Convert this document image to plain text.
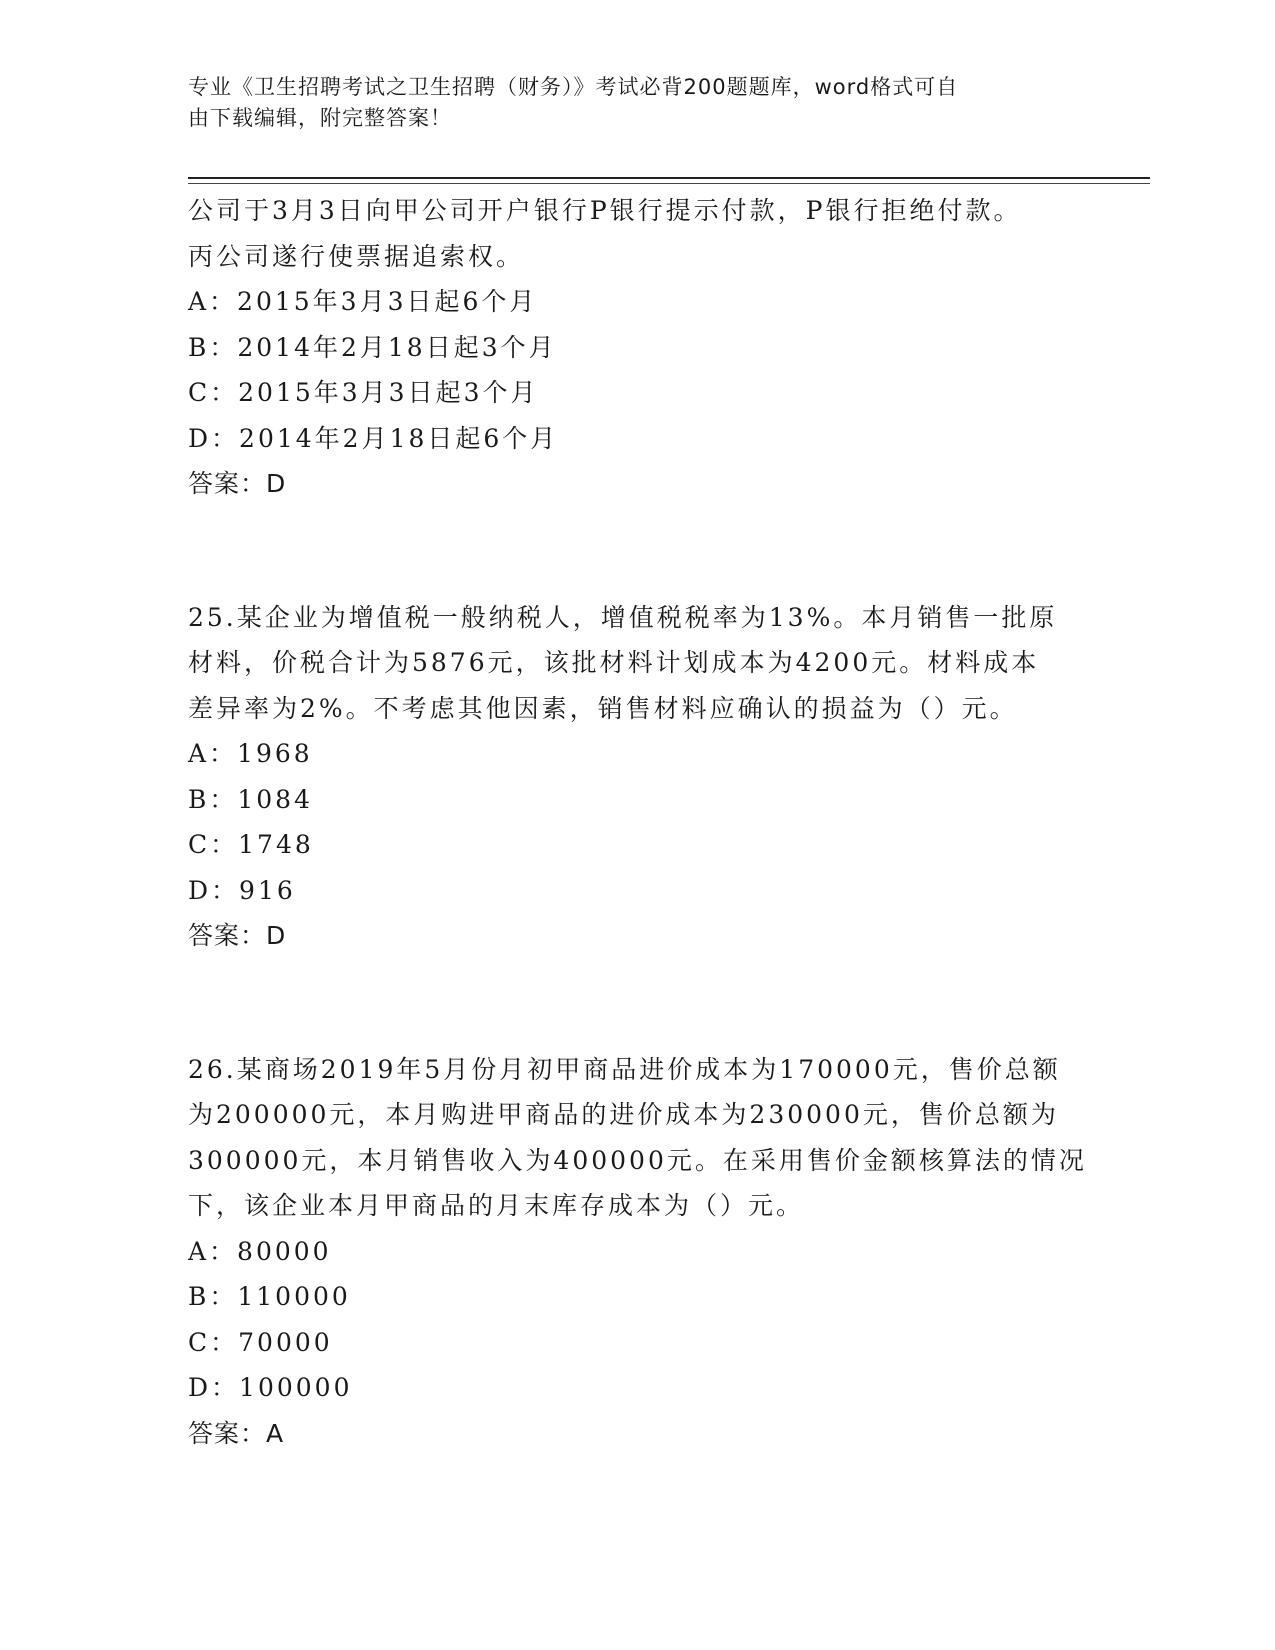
专业《卫生招聘考试之卫生招聘（财务）》考试必背200题题库，word格式可自
由下载编辑，附完整答案！
公司于3月3日向甲公司开户银行P银行提示付款，P银行拒绝付款。
丙公司遂行使票据追索权。
A：2015年3月3日起6个月
B：2014年2月18日起3个月
C：2015年3月3日起3个月
D：2014年2月18日起6个月
答案：D
25.某企业为增值税一般纳税人，增值税税率为13%。本月销售一批原
材料，价税合计为5876元，该批材料计划成本为4200元。材料成本
差异率为2%。不考虑其他因素，销售材料应确认的损益为（）元。
A：1968
B：1084
C：1748
D：916
答案：D
26.某商场2019年5月份月初甲商品进价成本为170000元，售价总额
为200000元，本月购进甲商品的进价成本为230000元，售价总额为
300000元，本月销售收入为400000元。在采用售价金额核算法的情况
下，该企业本月甲商品的月末库存成本为（）元。
A：80000
B：110000
C：70000
D：100000
答案：A
